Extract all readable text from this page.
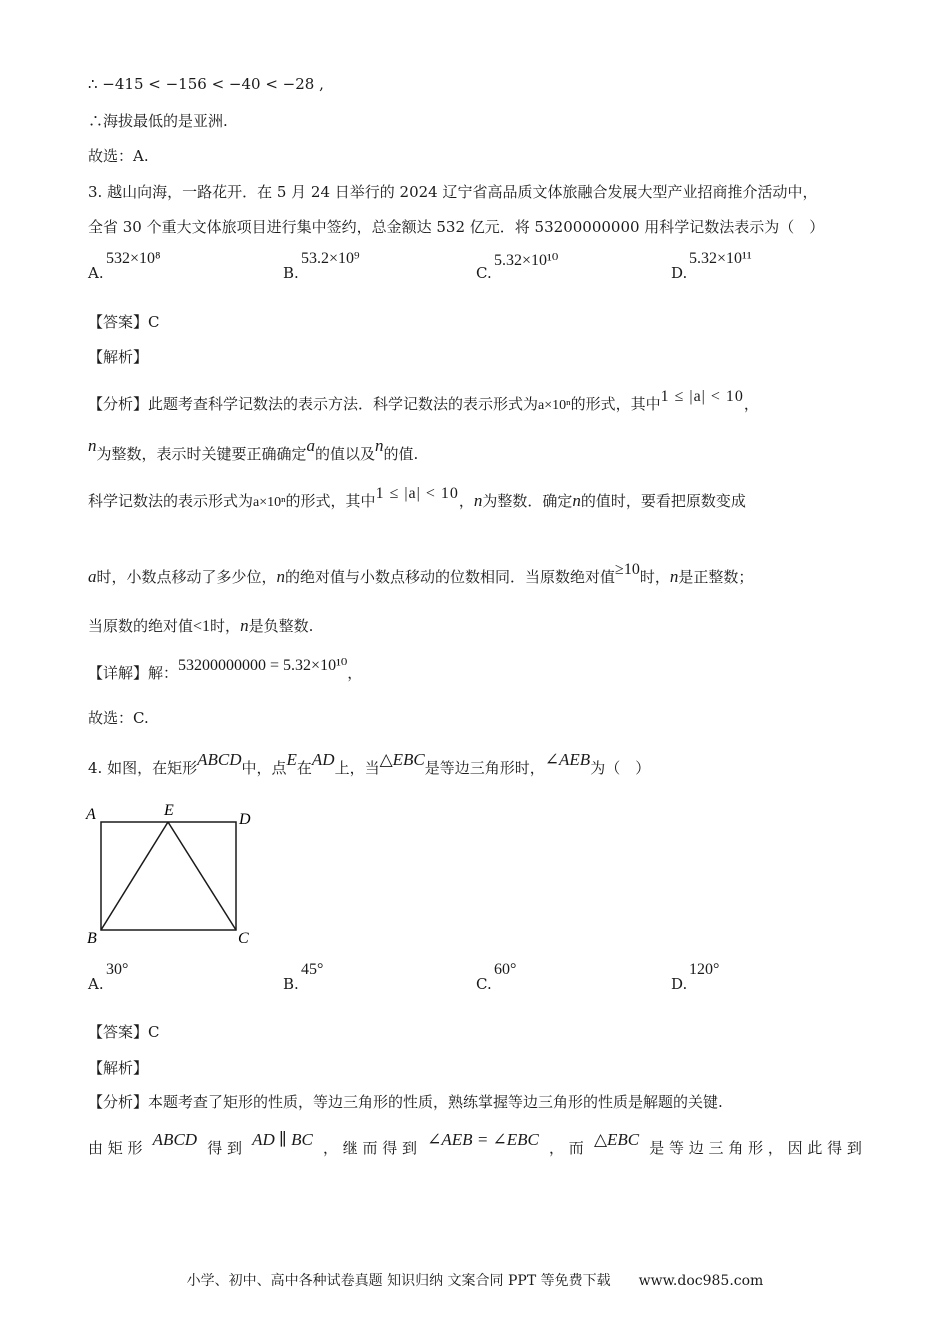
∴ −415 < −156 < −40 < −28 ,
∴海拔最低的是亚洲.
故选：A.
3. 越山向海，一路花开．在 5 月 24 日举行的 2024 辽宁省高品质文体旅融合发展大型产业招商推介活动中，
全省 30 个重大文体旅项目进行集中签约，总金额达 532 亿元．将 53200000000 用科学记数法表示为（　）
A.
532×10⁸
B.
53.2×10⁹
C.
5.32×10¹⁰
D.
5.32×10¹¹
【答案】C
【解析】
【分析】此题考查科学记数法的表示方法．科学记数法的表示形式为a×10ⁿ的形式，其中1 ≤ |a| < 10，
n为整数，表示时关键要正确确定a的值以及n的值.
科学记数法的表示形式为a×10ⁿ的形式，其中1 ≤ |a| < 10，n为整数．确定n的值时，要看把原数变成
a时，小数点移动了多少位，n的绝对值与小数点移动的位数相同．当原数绝对值≥10时，n是正整数；
当原数的绝对值<1时，n是负整数.
【详解】解：53200000000 = 5.32×10¹⁰，
故选：C.
4. 如图，在矩形ABCD中，点E在AD上，当△EBC是等边三角形时，∠AEB为（　）
A	E
D
B	C
A.
30°
B.
45°
C.
60°
D.
120°
【答案】C
【解析】
【分析】本题考查了矩形的性质，等边三角形的性质，熟练掌握等边三角形的性质是解题的关键.
由 矩 形 ABCD 得 到 AD ∥ BC ， 继 而 得 到 ∠AEB = ∠EBC ， 而 △EBC 是 等 边 三 角 形 ， 因 此 得 到
小学、初中、高中各种试卷真题 知识归纳 文案合同 PPT 等免费下载　　www.doc985.com
